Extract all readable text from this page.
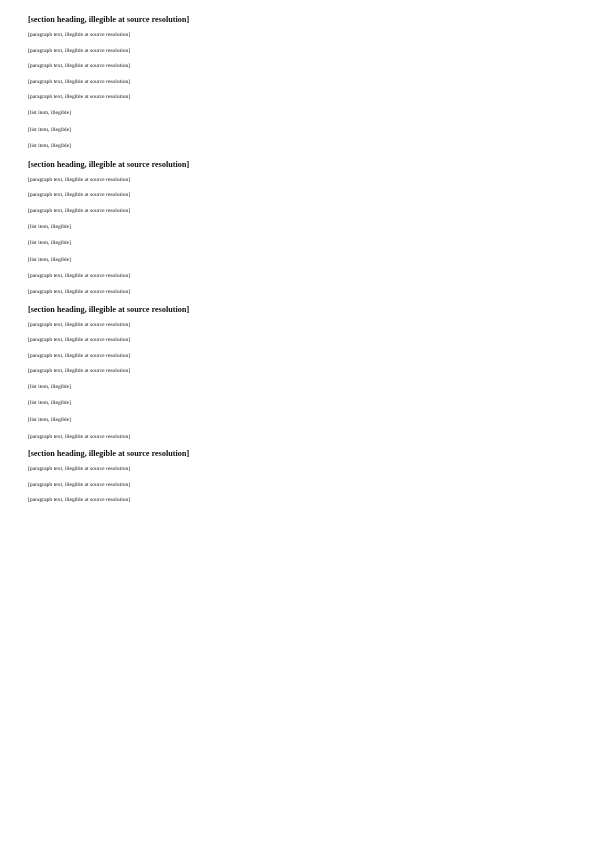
[section heading, illegible at source resolution]
[paragraph text, illegible at source resolution]
[paragraph text, illegible at source resolution]
[paragraph text, illegible at source resolution]
[paragraph text, illegible at source resolution]
[paragraph text, illegible at source resolution]
[list item, illegible]
[list item, illegible]
[list item, illegible]
[section heading, illegible at source resolution]
[paragraph text, illegible at source resolution]
[paragraph text, illegible at source resolution]
[paragraph text, illegible at source resolution]
[list item, illegible]
[list item, illegible]
[list item, illegible]
[paragraph text, illegible at source resolution]
[paragraph text, illegible at source resolution]
[section heading, illegible at source resolution]
[paragraph text, illegible at source resolution]
[paragraph text, illegible at source resolution]
[paragraph text, illegible at source resolution]
[paragraph text, illegible at source resolution]
[list item, illegible]
[list item, illegible]
[list item, illegible]
[paragraph text, illegible at source resolution]
[section heading, illegible at source resolution]
[paragraph text, illegible at source resolution]
[paragraph text, illegible at source resolution]
[paragraph text, illegible at source resolution]
